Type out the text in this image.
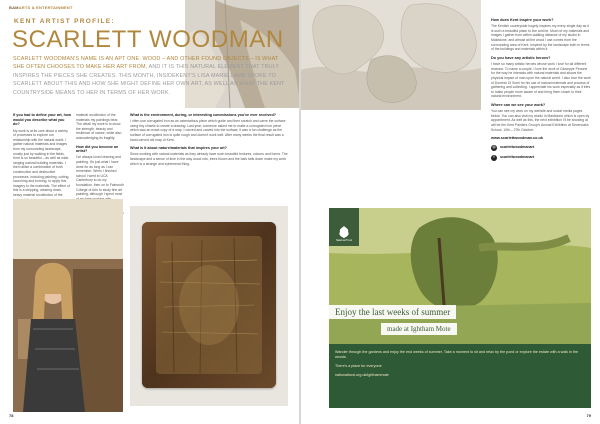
BAMARTS & ENTERTAINMENT
KENT ARTIST PROFILE:
SCARLETT WOODMAN
SCARLETT WOODMAN'S NAME IS AN APT ONE. WOOD – AND OTHER FOUND OBJECTS – IS WHAT SHE OFTEN CHOOSES TO MAKE HER ART FROM, AND IT IS THIS NATURAL ELEMENT THAT TRULY INSPIRES THE PIECES SHE CREATES. THIS MONTH, INSIDEKENT'S LISA MARIE LAMB SPOKE TO SCARLETT ABOUT THIS AND HOW SHE MIGHT DEFINE HER OWN ART, AS WELL AS WHAT THE KENT COUNTRYSIDE MEANS TO HER IN TERMS OF HER WORK.
If you had to define your art, how would you describe what you do?

My work is at its core about a variety of processes to explore our relationship with the natural world. I gather natural materials and images from my surrounding landscape, mostly just by walking in the fields. Kent is so beautiful – as well as wide-ranging natural building materials. I then utilise a combination of both construction and destructive processes, including painting, cutting, scorching and burning, to apply this imagery to the materials. The effect of this is a stripping, wearing down, heavy material recollection of the

material recollection of the materials my paintings bear. The detail my work is to show the strength, beauty and resilience of nature, while also acknowledging its fragility.

How did you become an artist?

I've always loved drawing and painting. It's just what I have done for as long as I can remember. When I finished school I went to UCA Canterbury to do my foundation, then on to Falmouth College of Arts to study fine art painting, although I spent most

What is the environment, during, or interesting commissions you've ever received?

I often use corrugated iron as an ostentatious piece which guide and then scratch and carve the surface using tiny chisels to create a drawing. Last year, someone asked me to make a corrugated iron piece which was an exact copy of a map. I carved and carved into the surface; it was a fun challenge as the surface of corrugated iron is quite rough and doesn't work well. After many weeks the final result was a hand-carved old map of Kent.

What is it about nature/materials that inspires your art?

Since working with natural materials as they already have such beautiful textures, colours and forms. The landscape and a sense of time in the way wood rots, trees bloom and the bark falls down make my work which is a strange and ephemeral thing.

78
How does Kent inspire your work?

The Kentish countryside hugely inspires my every single day as it is such a beautiful place to live and be. Much of my materials and images I gather from within walking distance of my studio in Maidstone, and almost all the wood I use comes from the surrounding area of Kent. Inspired by the landscape both in terms of the buildings and materials within it.

Do you have any artistic heroes?

I have so many artistic heroes whose work I love for all different reasons. To name a couple, I love the work of Giuseppe Penone for the way he interacts with natural materials and shows the physical impact of man upon the natural world. I also love the work of Dominic Di Somi for his use of natural materials and process of gathering and collecting. I appreciate his work especially as it tries to make people more aware of and bring them closer to their natural environment.

Where can we see your work?

You can see my work on my website and social media pages below. You can also visit my studio in Maidstone which is open by appointment. As well as this, the next exhibition I'll be showing at will be the Kent Painters Group's Annual Exhibition at Sevenoaks School, 10th – 27th October.

www.scarlettwoodman.co.uk
◎	scarlettwoodmanart
f	scarlettwoodmanart
National Trust
Enjoy the last weeks of summer
made at Ightham Mote

Wander through the gardens and enjoy the end weeks of summer. Take a moment to sit and relax by the pond or explore the estate with a walk in the woods.

There's a place for everyone

nationaltrust.org.uk/ighthammote

79
